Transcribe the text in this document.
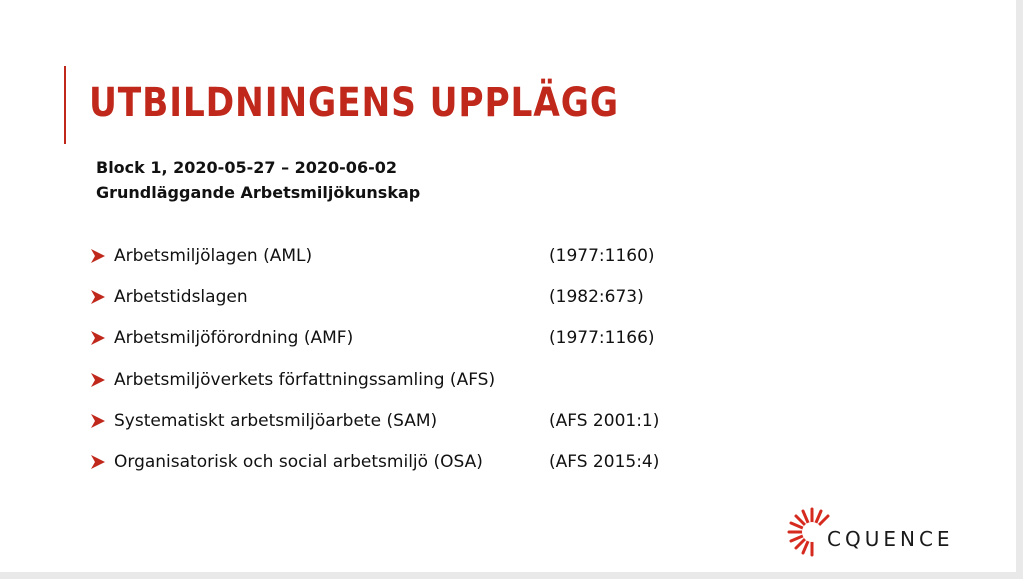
UTBILDNINGENS UPPLÄGG
Block 1, 2020-05-27 – 2020-06-02
Grundläggande Arbetsmiljökunskap
Arbetsmiljölagen (AML)	(1977:1160)
Arbetstidslagen	(1982:673)
Arbetsmiljöförordning (AMF)	(1977:1166)
Arbetsmiljöverkets författningssamling (AFS)
Systematiskt arbetsmiljöarbete (SAM)	(AFS 2001:1)
Organisatorisk och social arbetsmiljö (OSA)	(AFS 2015:4)
CQUENCE
